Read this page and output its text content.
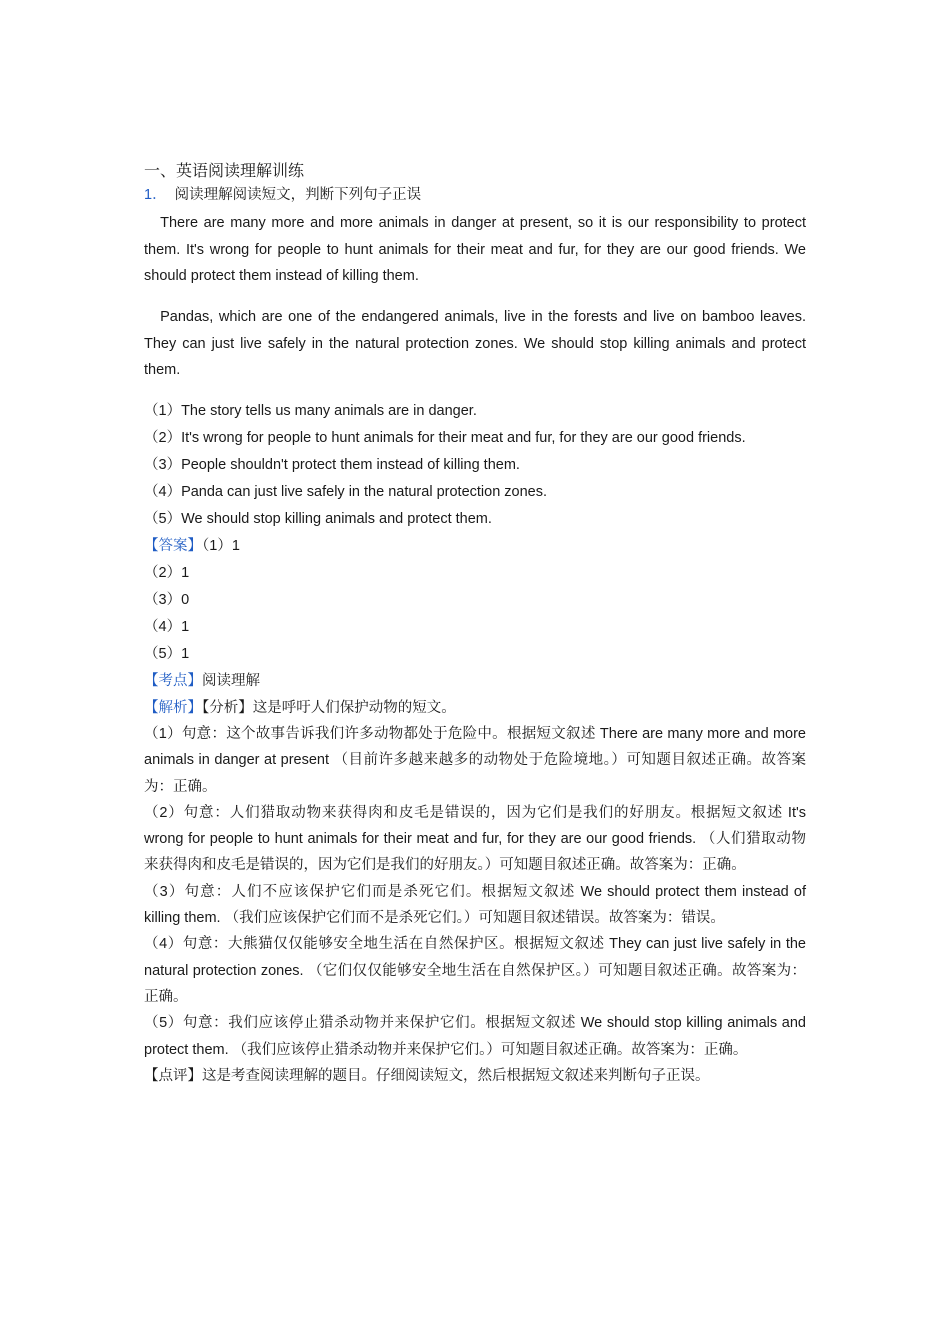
一、英语阅读理解训练
1． 阅读理解阅读短文，判断下列句子正误

There are many more and more animals in danger at present, so it is our responsibility to protect them. It's wrong for people to hunt animals for their meat and fur, for they are our good friends. We should protect them instead of killing them.

Pandas, which are one of the endangered animals, live in the forests and live on bamboo leaves. They can just live safely in the natural protection zones. We should stop killing animals and protect them.

（1）The story tells us many animals are in danger.
（2）It's wrong for people to hunt animals for their meat and fur, for they are our good friends.
（3）People shouldn't protect them instead of killing them.
（4）Panda can just live safely in the natural protection zones.
（5）We should stop killing animals and protect them.
【答案】（1）1
（2）1
（3）0
（4）1
（5）1
【考点】阅读理解
【解析】【分析】这是呼吁人们保护动物的短文。

（1）句意：这个故事告诉我们许多动物都处于危险中。根据短文叙述 There are many more and more animals in danger at present （目前许多越来越多的动物处于危险境地。）可知题目叙述正确。故答案为：正确。

（2）句意：人们猎取动物来获得肉和皮毛是错误的，因为它们是我们的好朋友。根据短文叙述 It's wrong for people to hunt animals for their meat and fur, for they are our good friends. （人们猎取动物来获得肉和皮毛是错误的，因为它们是我们的好朋友。）可知题目叙述正确。故答案为：正确。

（3）句意：人们不应该保护它们而是杀死它们。根据短文叙述 We should protect them instead of killing them. （我们应该保护它们而不是杀死它们。）可知题目叙述错误。故答案为：错误。

（4）句意：大熊猫仅仅能够安全地生活在自然保护区。根据短文叙述 They can just live safely in the natural protection zones. （它们仅仅能够安全地生活在自然保护区。）可知题目叙述正确。故答案为：正确。

（5）句意：我们应该停止猎杀动物并来保护它们。根据短文叙述 We should stop killing animals and protect them. （我们应该停止猎杀动物并来保护它们。）可知题目叙述正确。故答案为：正确。

【点评】这是考查阅读理解的题目。仔细阅读短文，然后根据短文叙述来判断句子正误。
